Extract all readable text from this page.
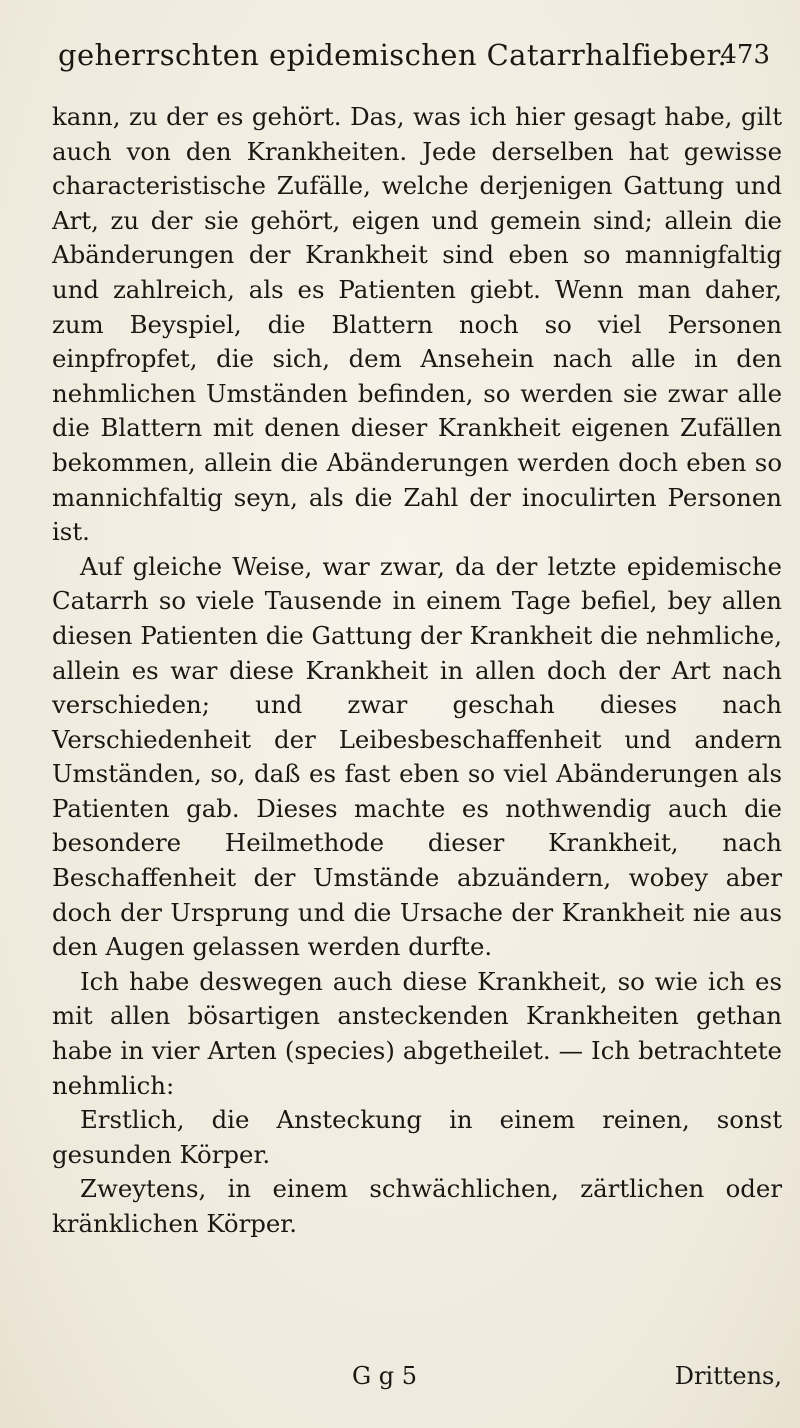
geherrschten epidemischen Catarrhalfieber.
473

kann, zu der es gehört. Das, was ich hier gesagt habe, gilt auch von den Krankheiten. Jede derselben hat gewisse characteristische Zufälle, welche derjenigen Gattung und Art, zu der sie gehört, eigen und gemein sind; allein die Abänderungen der Krankheit sind eben so mannigfaltig und zahlreich, als es Patienten giebt. Wenn man daher, zum Beyspiel, die Blattern noch so viel Personen einpfropfet, die sich, dem Ansehein nach alle in den nehmlichen Umständen befinden, so werden sie zwar alle die Blattern mit denen dieser Krankheit eigenen Zufällen bekommen, allein die Abänderungen werden doch eben so mannichfaltig seyn, als die Zahl der inoculirten Personen ist.

Auf gleiche Weise, war zwar, da der letzte epidemische Catarrh so viele Tausende in einem Tage befiel, bey allen diesen Patienten die Gattung der Krankheit die nehmliche, allein es war diese Krankheit in allen doch der Art nach verschieden; und zwar geschah dieses nach Verschiedenheit der Leibesbeschaffenheit und andern Umständen, so, daß es fast eben so viel Abänderungen als Patienten gab. Dieses machte es nothwendig auch die besondere Heilmethode dieser Krankheit, nach Beschaffenheit der Umstände abzuändern, wobey aber doch der Ursprung und die Ursache der Krankheit nie aus den Augen gelassen werden durfte.

Ich habe deswegen auch diese Krankheit, so wie ich es mit allen bösartigen ansteckenden Krankheiten gethan habe in vier Arten (species) abgetheilet. — Ich betrachtete nehmlich:

Erstlich, die Ansteckung in einem reinen, sonst gesunden Körper.

Zweytens, in einem schwächlichen, zärtlichen oder kränklichen Körper.

G g 5	Drittens,
